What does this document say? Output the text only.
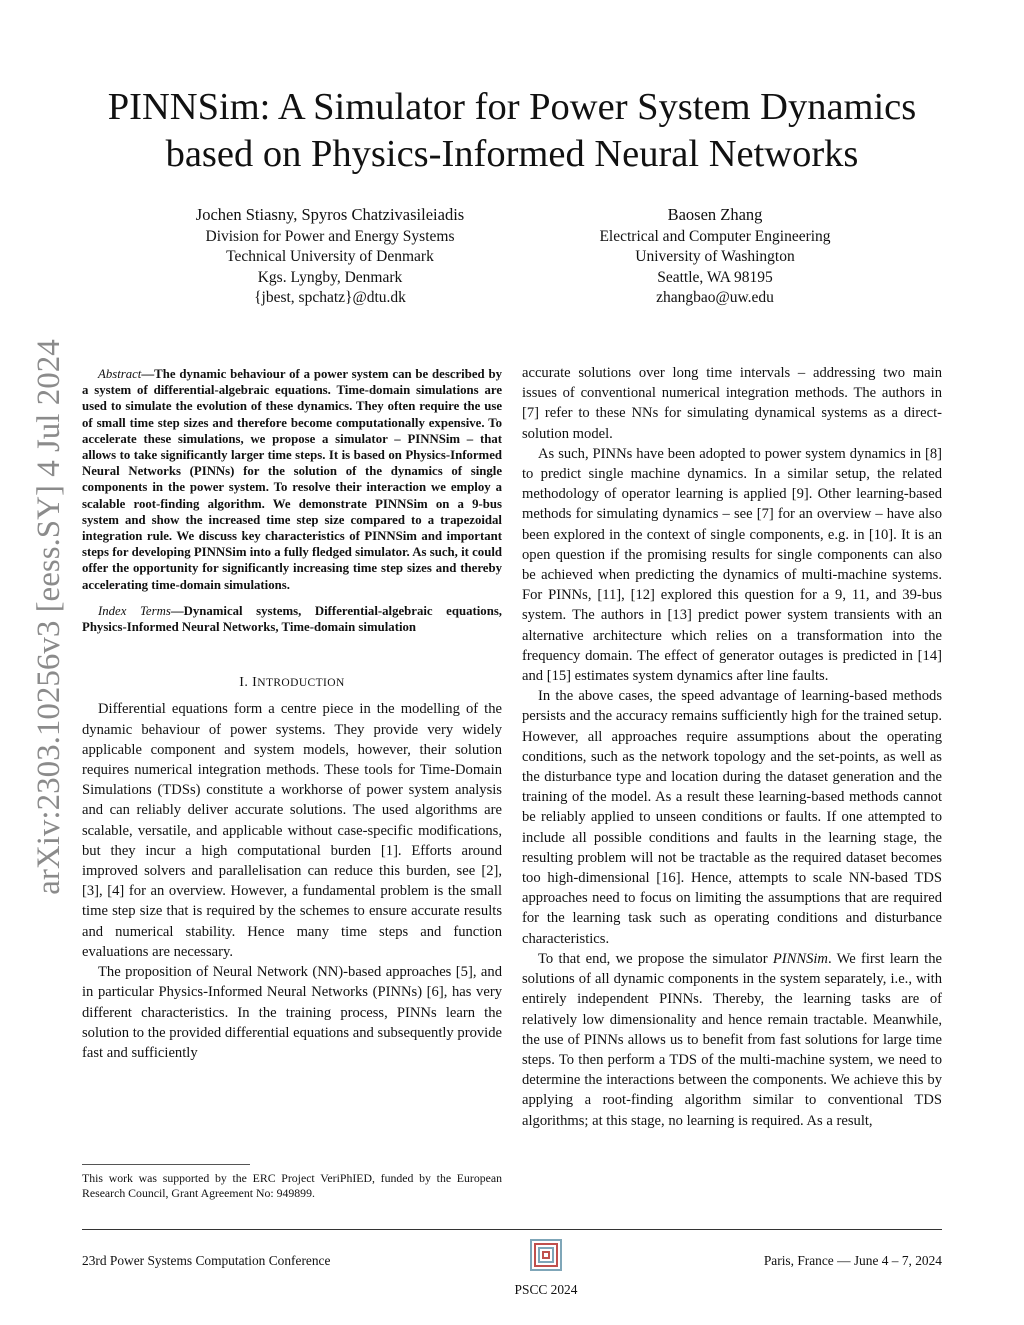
PINNSim: A Simulator for Power System Dynamics
based on Physics-Informed Neural Networks
Jochen Stiasny, Spyros Chatzivasileiadis
Division for Power and Energy Systems
Technical University of Denmark
Kgs. Lyngby, Denmark
{jbest, spchatz}@dtu.dk
Baosen Zhang
Electrical and Computer Engineering
University of Washington
Seattle, WA 98195
zhangbao@uw.edu
arXiv:2303.10256v3 [eess.SY] 4 Jul 2024	Abstract—The dynamic behaviour of a power system can be described by a system of differential-algebraic equations. Time-domain simulations are used to simulate the evolution of these dynamics. They often require the use of small time step sizes and therefore become computationally expensive. To accelerate these simulations, we propose a simulator – PINNSim – that allows to take significantly larger time steps. It is based on Physics-Informed Neural Networks (PINNs) for the solution of the dynamics of single components in the power system. To resolve their interaction we employ a scalable root-finding algorithm. We demonstrate PINNSim on a 9-bus system and show the increased time step size compared to a trapezoidal integration rule. We discuss key characteristics of PINNSim and important steps for developing PINNSim into a fully fledged simulator. As such, it could offer the opportunity for significantly increasing time step sizes and thereby accelerating time-domain simulations.
Index Terms—Dynamical systems, Differential-algebraic equations, Physics-Informed Neural Networks, Time-domain simulation
I. INTRODUCTION

Differential equations form a centre piece in the modelling of the dynamic behaviour of power systems. They provide very widely applicable component and system models, however, their solution requires numerical integration methods. These tools for Time-Domain Simulations (TDSs) constitute a workhorse of power system analysis and can reliably deliver accurate solutions. The used algorithms are scalable, versatile, and applicable without case-specific modifications, but they incur a high computational burden [1]. Efforts around improved solvers and parallelisation can reduce this burden, see [2], [3], [4] for an overview. However, a fundamental problem is the small time step size that is required by the schemes to ensure accurate results and numerical stability. Hence many time steps and function evaluations are necessary.

The proposition of Neural Network (NN)-based approaches [5], and in particular Physics-Informed Neural Networks (PINNs) [6], has very different characteristics. In the training process, PINNs learn the solution to the provided differential equations and subsequently provide fast and sufficiently

This work was supported by the ERC Project VeriPhIED, funded by the European Research Council, Grant Agreement No: 949899.

accurate solutions over long time intervals – addressing two main issues of conventional numerical integration methods. The authors in [7] refer to these NNs for simulating dynamical systems as a direct-solution model.

As such, PINNs have been adopted to power system dynamics in [8] to predict single machine dynamics. In a similar setup, the related methodology of operator learning is applied [9]. Other learning-based methods for simulating dynamics – see [7] for an overview – have also been explored in the context of single components, e.g. in [10]. It is an open question if the promising results for single components can also be achieved when predicting the dynamics of multi-machine systems. For PINNs, [11], [12] explored this question for a 9, 11, and 39-bus system. The authors in [13] predict power system transients with an alternative architecture which relies on a transformation into the frequency domain. The effect of generator outages is predicted in [14] and [15] estimates system dynamics after line faults.

In the above cases, the speed advantage of learning-based methods persists and the accuracy remains sufficiently high for the trained setup. However, all approaches require assumptions about the operating conditions, such as the network topology and the set-points, as well as the disturbance type and location during the dataset generation and the training of the model. As a result these learning-based methods cannot be reliably applied to unseen conditions or faults. If one attempted to include all possible conditions and faults in the learning stage, the resulting problem will not be tractable as the required dataset becomes too high-dimensional [16]. Hence, attempts to scale NN-based TDS approaches need to focus on limiting the assumptions that are required for the learning task such as operating conditions and disturbance characteristics.

To that end, we propose the simulator PINNSim. We first learn the solutions of all dynamic components in the system separately, i.e., with entirely independent PINNs. Thereby, the learning tasks are of relatively low dimensionality and hence remain tractable. Meanwhile, the use of PINNs allows us to benefit from fast solutions for large time steps. To then perform a TDS of the multi-machine system, we need to determine the interactions between the components. We achieve this by applying a root-finding algorithm similar to conventional TDS algorithms; at this stage, no learning is required. As a result,

23rd Power Systems Computation Conference	Paris, France — June 4 – 7, 2024
PSCC 2024
